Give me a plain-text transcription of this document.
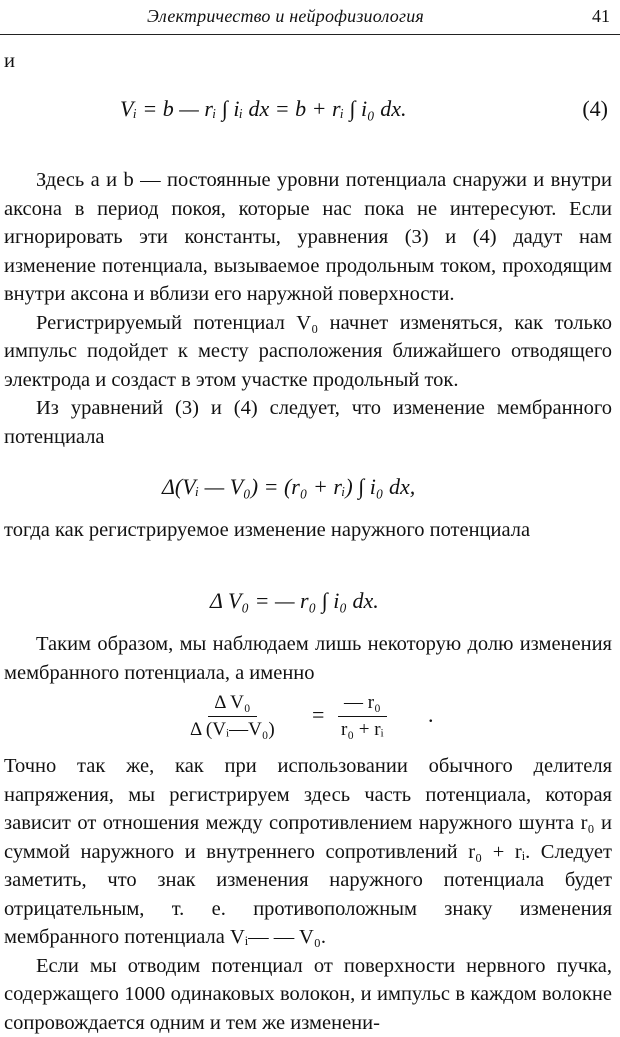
Электричество и нейрофизиология	41
и
Vᵢ = b — rᵢ ∫ iᵢ dx = b + rᵢ ∫ i₀ dx.	(4)

Здесь a и b — постоянные уровни потенциала снаружи и внутри аксона в период покоя, которые нас пока не интересуют. Если игнорировать эти константы, уравнения (3) и (4) дадут нам изменение потенциала, вызываемое продольным током, проходящим внутри аксона и вблизи его наружной поверхности.

Регистрируемый потенциал V₀ начнет изменяться, как только импульс подойдет к месту расположения ближайшего отводящего электрода и создаст в этом участке продольный ток.

Из уравнений (3) и (4) следует, что изменение мембранного потенциала

Δ(Vᵢ — V₀) = (r₀ + rᵢ) ∫ i₀ dx,

тогда как регистрируемое изменение наружного потенциала

Δ V₀ = — r₀ ∫ i₀ dx.

Таким образом, мы наблюдаем лишь некоторую долю изменения мембранного потенциала, а именно

$\frac{\text{Δ V₀}}{\text{Δ (Vᵢ—V₀)}} = \frac{\text{— r₀}}{\text{r₀ + rᵢ}}$ .

Точно так же, как при использовании обычного делителя напряжения, мы регистрируем здесь часть потенциала, которая зависит от отношения между сопротивлением наружного шунта r₀ и суммой наружного и внутреннего сопротивлений r₀ + rᵢ. Следует заметить, что знак изменения наружного потенциала будет отрицательным, т. е. противоположным знаку изменения мембранного потенциала Vᵢ— — V₀.

Если мы отводим потенциал от поверхности нервного пучка, содержащего 1000 одинаковых волокон, и импульс в каждом волокне сопровождается одним и тем же изменени-
